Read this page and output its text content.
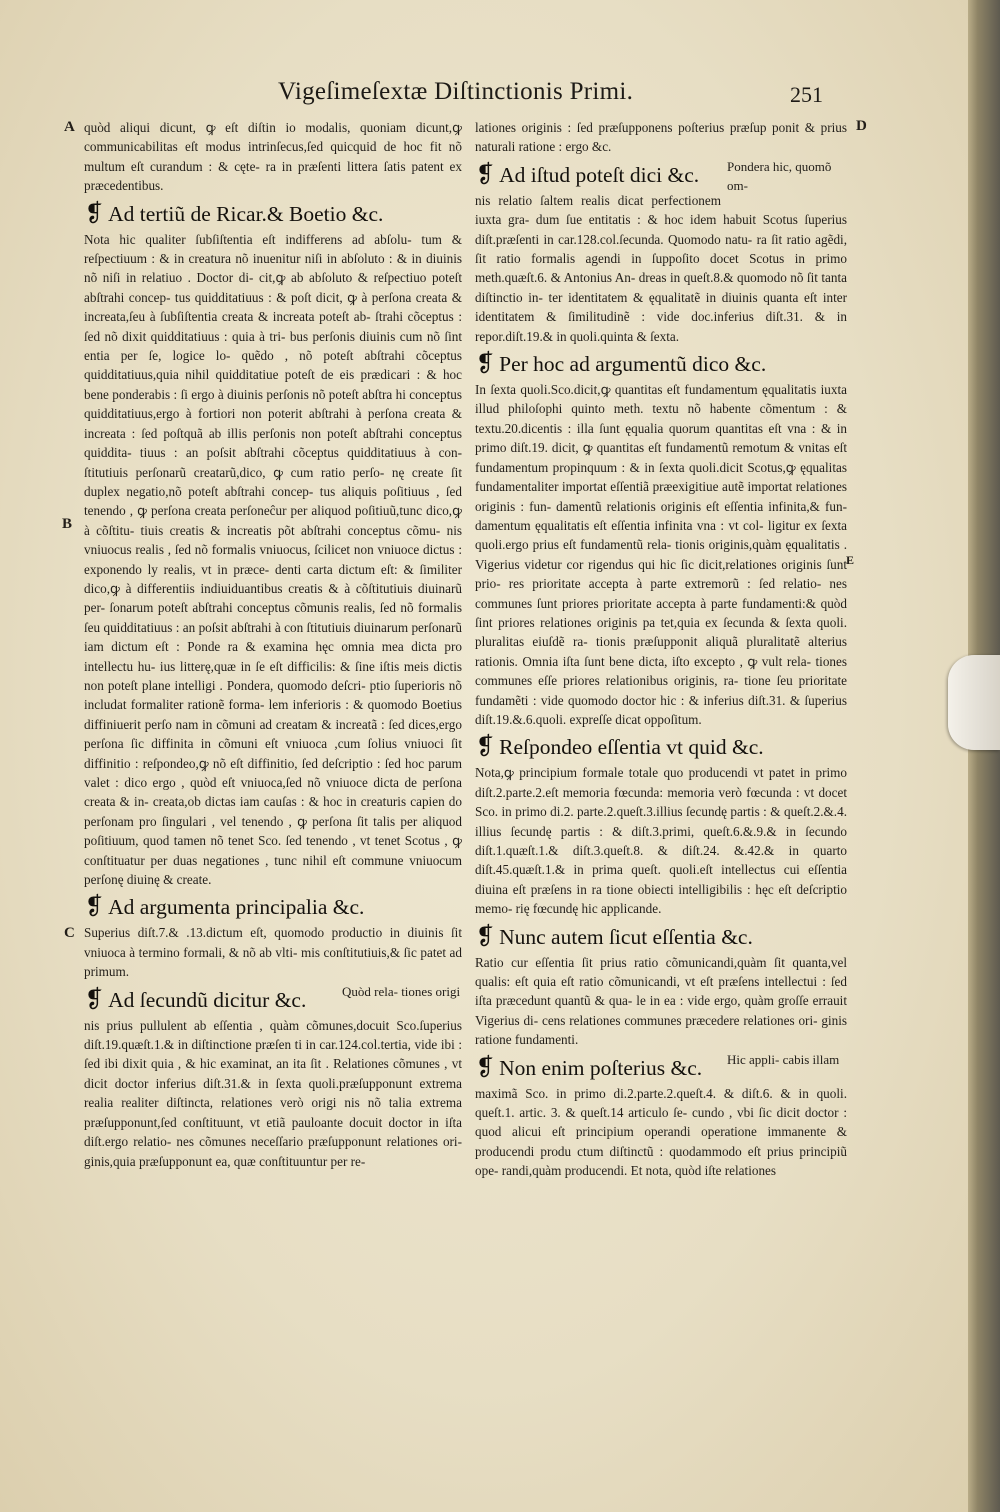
Vigeſimeſextæ Diſtinctionis Primi.	251
A
B
C
D
E

quòd aliqui dicunt, ꝙ eſt diſtin io modalis, quoniam dicunt,ꝙ communicabilitas eſt modus intrinſecus,ſed quicquid de hoc fit nõ multum eſt curandum : & cęte- ra in præſenti littera ſatis patent ex præcedentibus.

❡ Ad tertiũ de Ricar.& Boetio &c.

Nota hic qualiter ſubſiſtentia eſt indifferens ad abſolu- tum & reſpectiuum : & in creatura nõ inuenitur niſi in abſoluto : & in diuinis nõ niſi in relatiuo . Doctor di- cit,ꝙ ab abſoluto & reſpectiuo poteſt abſtrahi concep- tus quidditatiuus : & poſt dicit, ꝙ à perſona creata & increata,ſeu à ſubſiſtentia creata & increata poteſt ab- ſtrahi cõceptus : ſed nõ dixit quidditatiuus : quia à tri- bus perſonis diuinis cum nõ ſint entia per ſe, logice lo- quẽdo , nõ poteſt abſtrahi cõceptus quidditatiuus,quia nihil quidditatiue poteſt de eis prædicari : & hoc bene ponderabis : ſi ergo à diuinis perſonis nõ poteſt abſtra hi conceptus quidditatiuus,ergo à fortiori non poterit abſtrahi à perſona creata & increata : ſed poſtquã ab illis perſonis non poteſt abſtrahi conceptus quiddita- tiuus : an poſsit abſtrahi cõceptus quidditatiuus à con- ſtitutiuis perſonarũ creatarũ,dico, ꝙ cum ratio perſo- nę create ſit duplex negatio,nõ poteſt abſtrahi concep- tus aliquis poſitiuus , ſed tenendo , ꝙ perſona creata perſoneĉur per aliquod poſitiuũ,tunc dico,ꝙ à cõſtitu- tiuis creatis & increatis põt abſtrahi conceptus cõmu- nis vniuocus realis , ſed nõ formalis vniuocus, ſcilicet non vniuoce dictus : exponendo ly realis, vt in præce- denti carta dictum eſt: & ſimiliter dico,ꝙ à differentiis indiuiduantibus creatis & à cõſtitutiuis diuinarũ per- ſonarum poteſt abſtrahi conceptus cõmunis realis, ſed nõ formalis ſeu quidditatiuus : an poſsit abſtrahi à con ſtitutiuis diuinarum perſonarũ iam dictum eſt : Ponde ra & examina hęc omnia mea dicta pro intellectu hu- ius litterę,quæ in ſe eſt difficilis: & ſine iſtis meis dictis non poteſt plane intelligi . Pondera, quomodo deſcri- ptio ſuperioris nõ includat formaliter rationẽ forma- lem inferioris : & quomodo Boetius diffiniuerit perſo nam in cõmuni ad creatam & increatã : ſed dices,ergo perſona ſic diffinita in cõmuni eſt vniuoca ,cum ſolius vniuoci ſit diffinitio : reſpondeo,ꝙ nõ eſt diffinitio, ſed deſcriptio : ſed hoc parum valet : dico ergo , quòd eſt vniuoca,ſed nõ vniuoce dicta de perſona creata & in- creata,ob dictas iam cauſas : & hoc in creaturis capien do perſonam pro ſingulari , vel tenendo , ꝙ perſona ſit talis per aliquod poſitiuum, quod tamen nõ tenet Sco. ſed tenendo , vt tenet Scotus , ꝙ conſtituatur per duas negationes , tunc nihil eſt commune vniuocum perſonę diuinę & create.

❡ Ad argumenta principalia &c.

Superius diſt.7.& .13.dictum eſt, quomodo productio in diuinis ſit vniuoca à termino formali, & nõ ab vlti- mis conſtitutiuis,& ſic patet ad primum.

Quòd rela- tiones origi
❡ Ad ſecundũ dicitur &c.

nis prius pullulent ab eſſentia , quàm cõmunes,docuit Sco.ſuperius diſt.19.quæſt.1.& in diſtinctione præſen ti in car.124.col.tertia, vide ibi : ſed ibi dixit quia , & hic examinat, an ita ſit . Relationes cõmunes , vt dicit doctor inferius diſt.31.& in ſexta quoli.præſupponunt extrema realia realiter diſtincta, relationes verò origi nis nõ talia extrema præſupponunt,ſed conſtituunt, vt etiã pauloante docuit doctor in iſta diſt.ergo relatio- nes cõmunes neceſſario præſupponunt relationes ori- ginis,quia præſupponunt ea, quæ conſtituuntur per re-

lationes originis : ſed præſupponens poſterius præſup ponit & prius naturali ratione : ergo &c.

Pondera hic, quomõ om-
❡ Ad iſtud poteſt dici &c.

nis relatio ſaltem realis dicat perfectionem iuxta gra- dum ſue entitatis : & hoc idem habuit Scotus ſuperius diſt.præſenti in car.128.col.ſecunda. Quomodo natu- ra ſit ratio agẽdi, ſit ratio formalis agendi in ſuppoſito docet Scotus in primo meth.quæſt.6. & Antonius An- dreas in queſt.8.& quomodo nõ ſit tanta diſtinctio in- ter identitatem & ęqualitatẽ in diuinis quanta eſt inter identitatem & ſimilitudinẽ : vide doc.inferius diſt.31. & in repor.diſt.19.& in quoli.quinta & ſexta.

❡ Per hoc ad argumentũ dico &c.

In ſexta quoli.Sco.dicit,ꝙ quantitas eſt fundamentum ęqualitatis iuxta illud philoſophi quinto meth. textu nõ habente cõmentum : & textu.20.dicentis : illa ſunt ęqualia quorum quantitas eſt vna : & in primo diſt.19. dicit, ꝙ quantitas eſt fundamentũ remotum & vnitas eſt fundamentum propinquum : & in ſexta quoli.dicit Scotus,ꝙ ęqualitas fundamentaliter importat eſſentiã præexigitiue autẽ importat relationes originis : fun- damentũ relationis originis eſt eſſentia infinita,& fun- damentum ęqualitatis eſt eſſentia infinita vna : vt col- ligitur ex ſexta quoli.ergo prius eſt fundamentũ rela- tionis originis,quàm ęqualitatis . Vigerius videtur cor rigendus qui hic ſic dicit,relationes originis ſunt prio- res prioritate accepta à parte extremorũ : ſed relatio- nes communes ſunt priores prioritate accepta à parte fundamenti:& quòd ſint priores relationes originis pa tet,quia ex ſecunda & ſexta quoli. pluralitas eiuſdẽ ra- tionis præſupponit aliquã pluralitatẽ alterius rationis. Omnia iſta ſunt bene dicta, iſto excepto , ꝙ vult rela- tiones communes eſſe priores relationibus originis, ra- tione ſeu prioritate fundamẽti : vide quomodo doctor hic : & inferius diſt.31. & ſuperius diſt.19.&.6.quoli. expreſſe dicat oppoſitum.

❡ Reſpondeo eſſentia vt quid &c.

Nota,ꝙ principium formale totale quo producendi vt patet in primo diſt.2.parte.2.eſt memoria fœcunda: memoria verò fœcunda : vt docet Sco. in primo di.2. parte.2.queſt.3.illius ſecundę partis : & queſt.2.&.4. illius ſecundę partis : & diſt.3.primi, queſt.6.&.9.& in ſecundo diſt.1.quæſt.1.& diſt.3.queſt.8. & diſt.24. &.42.& in quarto diſt.45.quæſt.1.& in prima queſt. quoli.eſt intellectus cui eſſentia diuina eſt præſens in ra tione obiecti intelligibilis : hęc eſt deſcriptio memo- rię fœcundę hic applicande.

❡ Nunc autem ſicut eſſentia &c.

Ratio cur eſſentia ſit prius ratio cõmunicandi,quàm ſit quanta,vel qualis: eſt quia eſt ratio cõmunicandi, vt eſt præſens intellectui : ſed iſta præcedunt quantũ & qua- le in ea : vide ergo, quàm groſſe errauit Vigerius di- cens relationes communes præcedere relationes ori- ginis ratione fundamenti.

Hic appli- cabis illam
❡ Non enim poſterius &c.

maximã Sco. in primo di.2.parte.2.queſt.4. & diſt.6. & in quoli. queſt.1. artic. 3. & queſt.14 articulo ſe- cundo , vbi ſic dicit doctor : quod alicui eſt principium operandi operatione immanente & producendi produ ctum diſtinctũ : quodammodo eſt prius principiũ ope- randi,quàm producendi. Et nota, quòd iſte relationes
